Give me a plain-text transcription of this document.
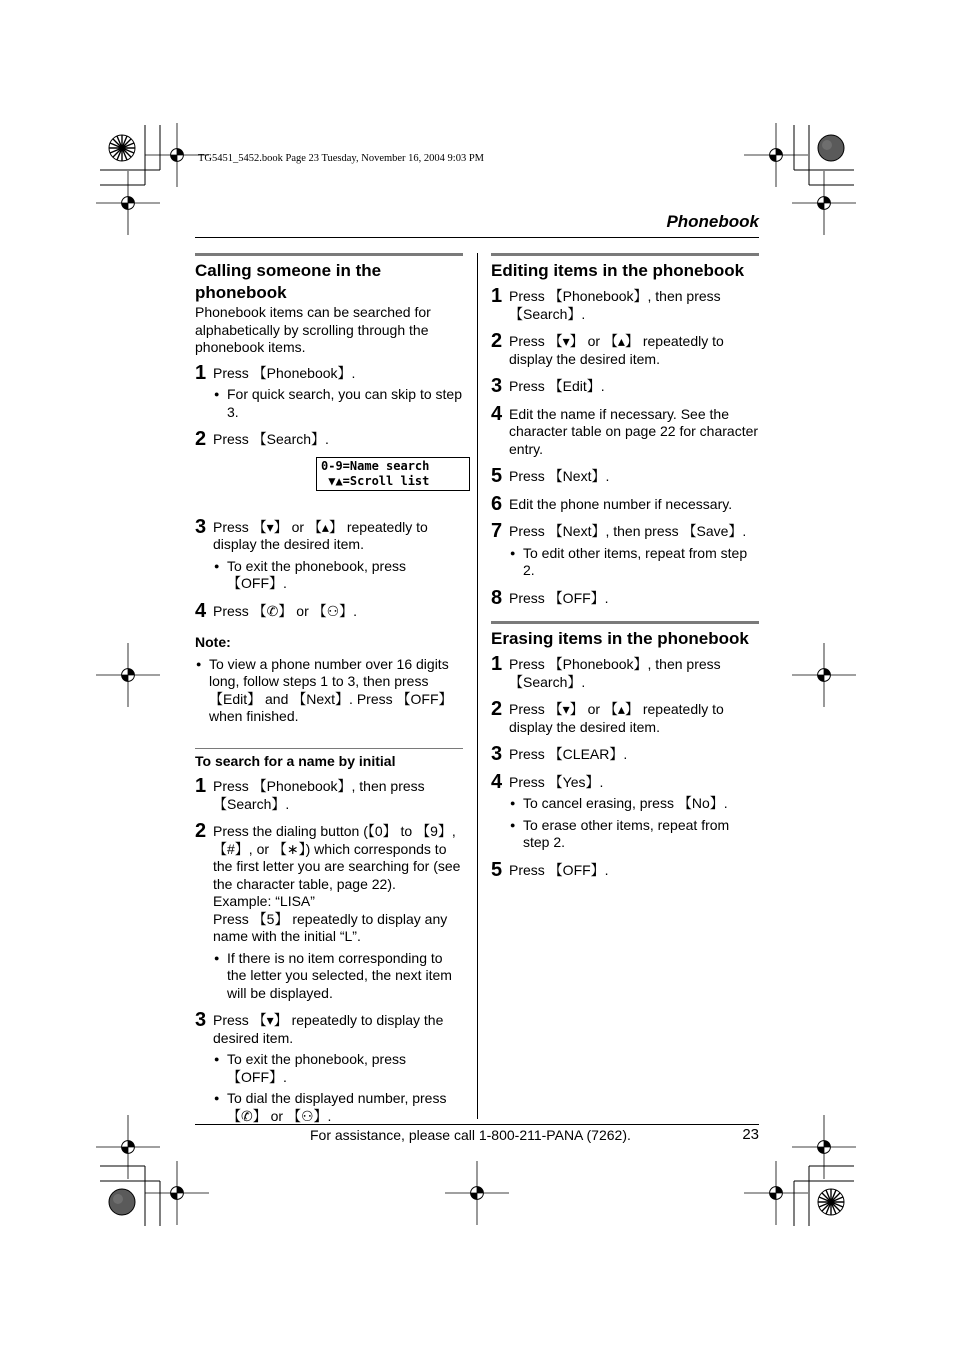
TG5451_5452.book Page 23 Tuesday, November 16, 2004 9:03 PM
Phonebook
Calling someone in the phonebook

Phonebook items can be searched for alphabetically by scrolling through the phonebook items.

1 Press 【Phonebook】.
● For quick search, you can skip to step 3.
2 Press 【Search】.
0-9=Name search
▼▲=Scroll list
3 Press 【▾】 or 【▴】 repeatedly to display the desired item.
● To exit the phonebook, press 【OFF】.
4 Press 【✆】 or 【⚇】.
Note:
● To view a phone number over 16 digits long, follow steps 1 to 3, then press 【Edit】 and 【Next】. Press 【OFF】 when finished.
To search for a name by initial
1 Press 【Phonebook】, then press 【Search】.
2 Press the dialing button (【0】 to 【9】, 【#】, or 【∗】) which corresponds to the first letter you are searching for (see the character table, page 22).
Example: “LISA”
Press 【5】 repeatedly to display any name with the initial “L”.
● If there is no item corresponding to the letter you selected, the next item will be displayed.
3 Press 【▾】 repeatedly to display the desired item.
● To exit the phonebook, press 【OFF】.
● To dial the displayed number, press 【✆】 or 【⚇】.
Editing items in the phonebook
1 Press 【Phonebook】, then press 【Search】.
2 Press 【▾】 or 【▴】 repeatedly to display the desired item.
3 Press 【Edit】.
4 Edit the name if necessary. See the character table on page 22 for character entry.
5 Press 【Next】.
6 Edit the phone number if necessary.
7 Press 【Next】, then press 【Save】.
● To edit other items, repeat from step 2.
8 Press 【OFF】.
Erasing items in the phonebook
1 Press 【Phonebook】, then press 【Search】.
2 Press 【▾】 or 【▴】 repeatedly to display the desired item.
3 Press 【CLEAR】.
4 Press 【Yes】.
● To cancel erasing, press 【No】.
● To erase other items, repeat from step 2.
5 Press 【OFF】.
For assistance, please call 1-800-211-PANA (7262).	23
